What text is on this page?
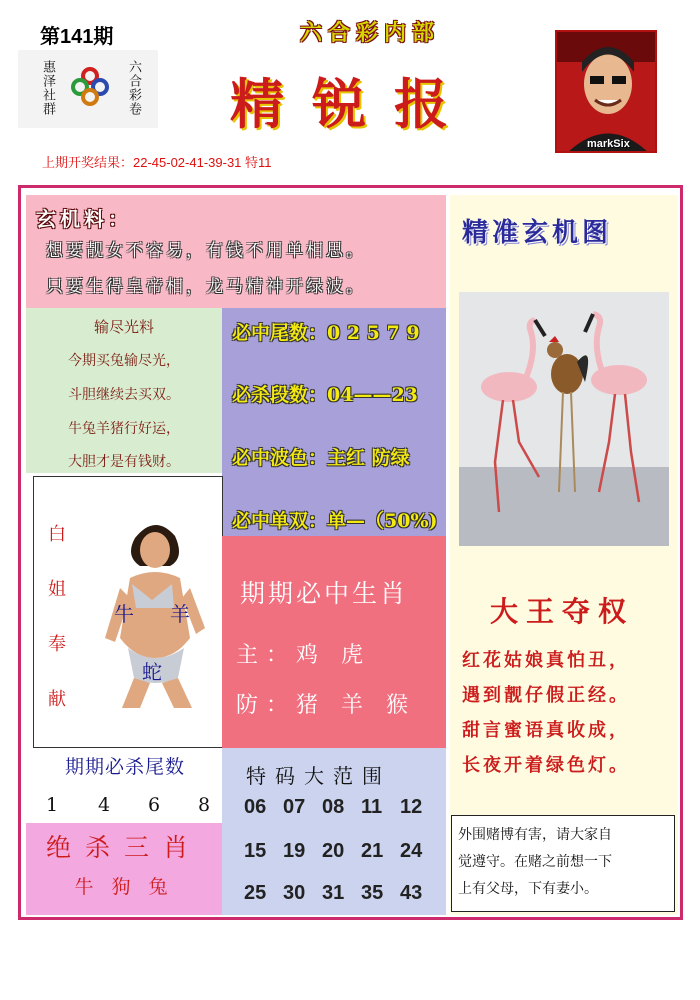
第141期
惠泽社群	六合彩卷
六合彩内部
精锐报
markSix
上期开奖结果：22-45-02-41-39-31 特11
玄机料：
想要靓女不容易，有钱不用单相思。
只要生得皇帝相，龙马精神开绿波。
输尽光料
今期买兔输尽光，
斗胆继续去买双。
牛兔羊猪行好运，
大胆才是有钱财。
必中尾数：0 2 5 7 9
必杀段数：04——23
必中波色：主红 防绿
必中单双：单—（50%)
白
姐
奉
献
牛 羊
蛇
期期必中生肖
主：鸡 虎
防：猪 羊 猴
期期必杀尾数
1 4 6 8
绝杀三肖
牛 狗 兔
特码大范围
06 07 08 11 12
15 19 20 21 24
25 30 31 35 43
精准玄机图
大王夺权
红花姑娘真怕丑，
遇到靓仔假正经。
甜言蜜语真收成，
长夜开着绿色灯。
外围赌博有害，请大家自
觉遵守。在赌之前想一下
上有父母，下有妻小。
